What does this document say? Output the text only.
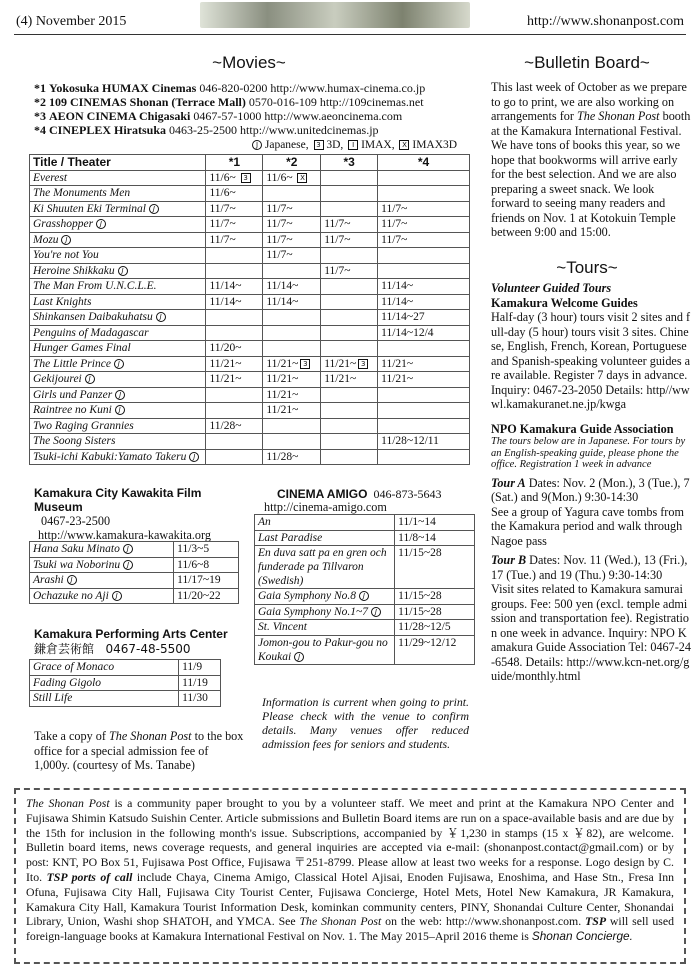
(4) November 2015	http://www.shonanpost.com
~Movies~
*1 Yokosuka HUMAX Cinemas 046-820-0200 http://www.humax-cinema.co.jp
*2 109 CINEMAS Shonan (Terrace Mall) 0570-016-109 http://109cinemas.net
*3 AEON CINEMA Chigasaki 0467-57-1000 http://www.aeoncinema.com
*4 CINEPLEX Hiratsuka 0463-25-2500 http://www.unitedcinemas.jp
J Japanese, 3 3D, I IMAX, X IMAX3D
Title / Theater	*1	*2	*3	*4
Everest	11/6~ 3	11/6~ X		
The Monuments Men	11/6~			
Ki Shuuten Eki Terminal J	11/7~	11/7~		11/7~
Grasshopper J	11/7~	11/7~	11/7~	11/7~
Mozu J	11/7~	11/7~	11/7~	11/7~
You're not You		11/7~		
Heroine Shikkaku J			11/7~	
The Man From U.N.C.L.E.	11/14~	11/14~		11/14~
Last Knights	11/14~	11/14~		11/14~
Shinkansen Daibakuhatsu J				11/14~27
Penguins of Madagascar				11/14~12/4
Hunger Games Final	11/20~			
The Little Prince J	11/21~	11/21~ 3	11/21~ 3	11/21~
Gekijourei J	11/21~	11/21~	11/21~	11/21~
Girls und Panzer J		11/21~		
Raintree no Kuni J		11/21~		
Two Raging Grannies	11/28~			
The Soong Sisters				11/28~12/11
Tsuki-ichi Kabuki:Yamato Takeru J		11/28~		
Kamakura City Kawakita Film Museum
0467-23-2500
http://www.kamakura-kawakita.org
Hana Saku Minato J	11/3~5
Tsuki wa Noborinu J	11/6~8
Arashi J	11/17~19
Ochazuke no Aji J	11/20~22
Kamakura Performing Arts Center
鎌倉芸術館 0467-48-5500
Grace of Monaco	11/9
Fading Gigolo	11/19
Still Life	11/30
Take a copy of The Shonan Post to the box office for a special admission fee of 1,000y. (courtesy of Ms. Tanabe)
CINEMA AMIGO 046-873-5643
http://cinema-amigo.com
An	11/1~14
Last Paradise	11/8~14
En duva satt pa en gren och funderade pa Tillvaron (Swedish)	11/15~28
Gaia Symphony No.8 J	11/15~28
Gaia Symphony No.1~7 J	11/15~28
St. Vincent	11/28~12/5
Jomon-gou to Pakur-gou no Koukai J	11/29~12/12
Information is current when going to print. Please check with the venue to confirm details. Many venues offer reduced admission fees for seniors and students.
~Bulletin Board~
This last week of October as we prepare to go to print, we are also working on arrangements for The Shonan Post booth at the Kamakura International Festival. We have tons of books this year, so we hope that bookworms will arrive early for the best selection. And we are also preparing a sweet snack. We look forward to seeing many readers and friends on Nov. 1 at Kotokuin Temple between 9:00 and 15:00.
~Tours~
Volunteer Guided Tours
Kamakura Welcome Guides
Half-day (3 hour) tours visit 2 sites and full-day (5 hour) tours visit 3 sites. Chinese, English, French, Korean, Portuguese and Spanish-speaking volunteer guides are available. Register 7 days in advance. Inquiry: 0467-23-2050 Details: http//wwwl.kamakuranet.ne.jp/kwga
NPO Kamakura Guide Association
The tours below are in Japanese. For tours by an English-speaking guide, please phone the office. Registration 1 week in advance
Tour A Dates: Nov. 2 (Mon.), 3 (Tue.), 7 (Sat.) and 9(Mon.) 9:30-14:30
See a group of Yagura cave tombs from the Kamakura period and walk through Nagoe pass
Tour B Dates: Nov. 11 (Wed.), 13 (Fri.), 17 (Tue.) and 19 (Thu.) 9:30-14:30
Visit sites related to Kamakura samurai groups. Fee: 500 yen (excl. temple admission and transportation fee). Registration one week in advance. Inquiry: NPO Kamakura Guide Association Tel: 0467-24-6548. Details: http://www.kcn-net.org/guide/monthly.html
The Shonan Post is a community paper brought to you by a volunteer staff. We meet and print at the Kamakura NPO Center and Fujisawa Shimin Katsudo Suishin Center. Article submissions and Bulletin Board items are run on a space-available basis and are due by the 15th for inclusion in the following month's issue. Subscriptions, accompanied by ￥1,230 in stamps (15 x ￥82), are welcome. Bulletin board items, news coverage requests, and general inquiries are accepted via e-mail: (shonanpost.contact@gmail.com) or by post: KNT, PO Box 51, Fujisawa Post Office, Fujisawa 〒251-8799. Please allow at least two weeks for a response. Logo design by C. Ito. TSP ports of call include Chaya, Cinema Amigo, Classical Hotel Ajisai, Enoden Fujisawa, Enoshima, and Hase Stn., Fresa Inn Ofuna, Fujisawa City Hall, Fujisawa City Tourist Center, Fujisawa Concierge, Hotel Mets, Hotel New Kamakura, JR Kamakura, Kamakura City Hall, Kamakura Tourist Information Desk, kominkan community centers, PINY, Shonandai Culture Center, Shonandai Library, Union, Washi shop SHATOH, and YMCA. See The Shonan Post on the web: http://www.shonanpost.com. TSP will sell used foreign-language books at Kamakura International Festival on Nov. 1. The May 2015–April 2016 theme is Shonan Concierge.
